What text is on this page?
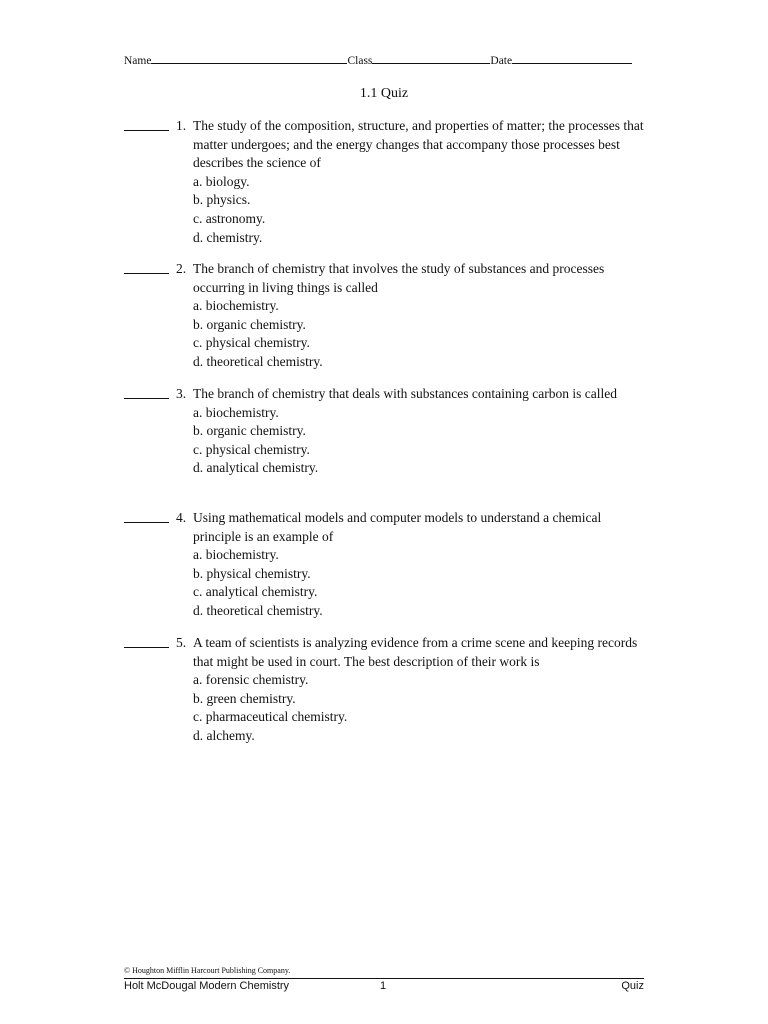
Name	Class	Date
1.1 Quiz
1. The study of the composition, structure, and properties of matter; the processes that matter undergoes; and the energy changes that accompany those processes best describes the science of
a. biology.
b. physics.
c. astronomy.
d. chemistry.
2. The branch of chemistry that involves the study of substances and processes occurring in living things is called
a. biochemistry.
b. organic chemistry.
c. physical chemistry.
d. theoretical chemistry.
3. The branch of chemistry that deals with substances containing carbon is called
a. biochemistry.
b. organic chemistry.
c. physical chemistry.
d. analytical chemistry.
4. Using mathematical models and computer models to understand a chemical principle is an example of
a. biochemistry.
b. physical chemistry.
c. analytical chemistry.
d. theoretical chemistry.
5. A team of scientists is analyzing evidence from a crime scene and keeping records that might be used in court. The best description of their work is
a. forensic chemistry.
b. green chemistry.
c. pharmaceutical chemistry.
d. alchemy.
© Houghton Mifflin Harcourt Publishing Company.
Holt McDougal Modern Chemistry	1	Quiz
